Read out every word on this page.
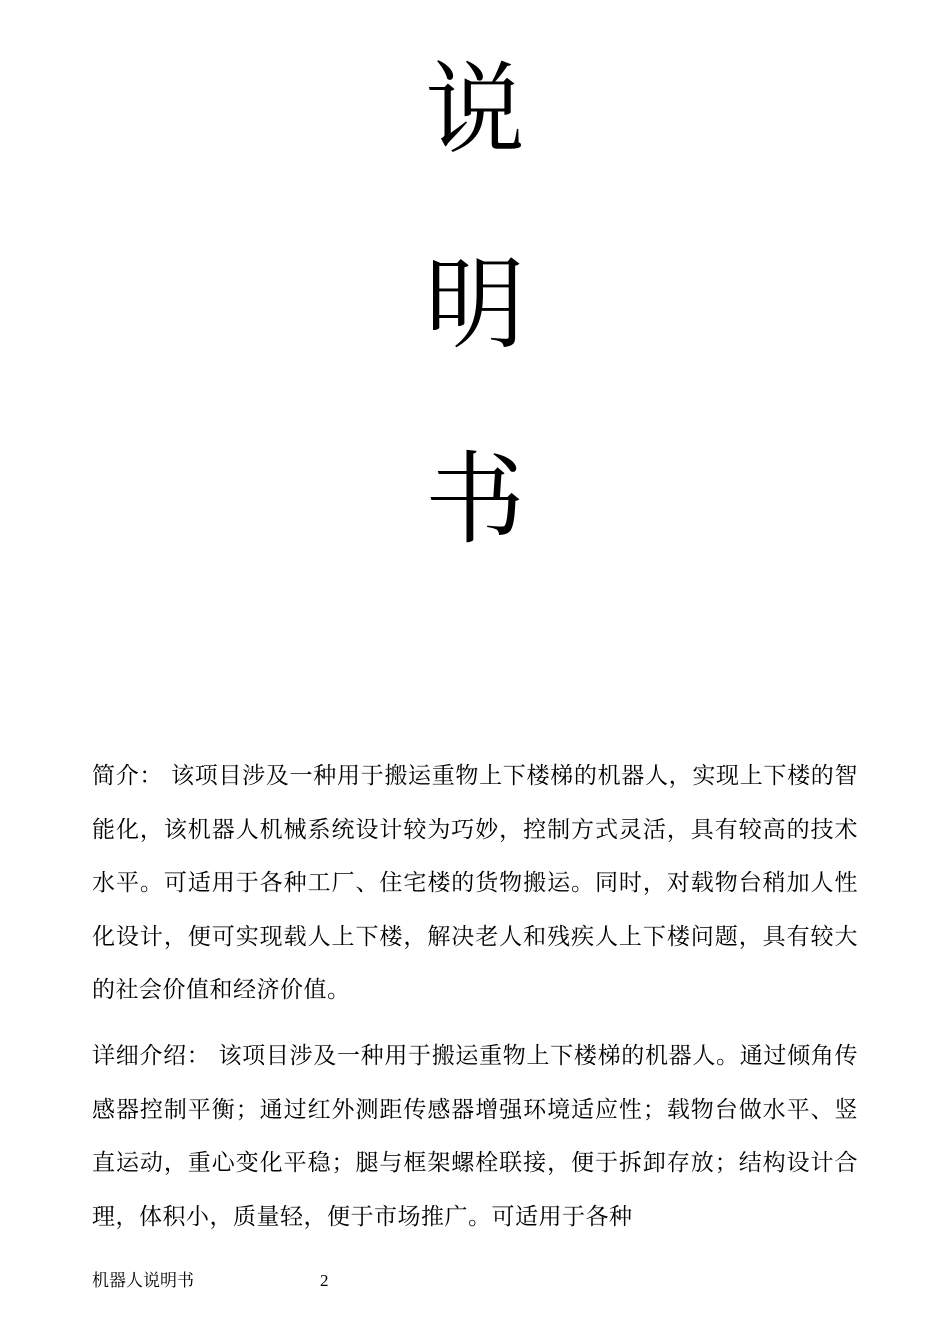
说
明
书

简介： 该项目涉及一种用于搬运重物上下楼梯的机器人，实现上下楼的智能化，该机器人机械系统设计较为巧妙，控制方式灵活，具有较高的技术水平。可适用于各种工厂、住宅楼的货物搬运。同时，对载物台稍加人性化设计，便可实现载人上下楼，解决老人和残疾人上下楼问题，具有较大的社会价值和经济价值。

详细介绍： 该项目涉及一种用于搬运重物上下楼梯的机器人。通过倾角传感器控制平衡；通过红外测距传感器增强环境适应性；载物台做水平、竖直运动，重心变化平稳；腿与框架螺栓联接，便于拆卸存放；结构设计合理，体积小，质量轻，便于市场推广。可适用于各种

机器人说明书	2
